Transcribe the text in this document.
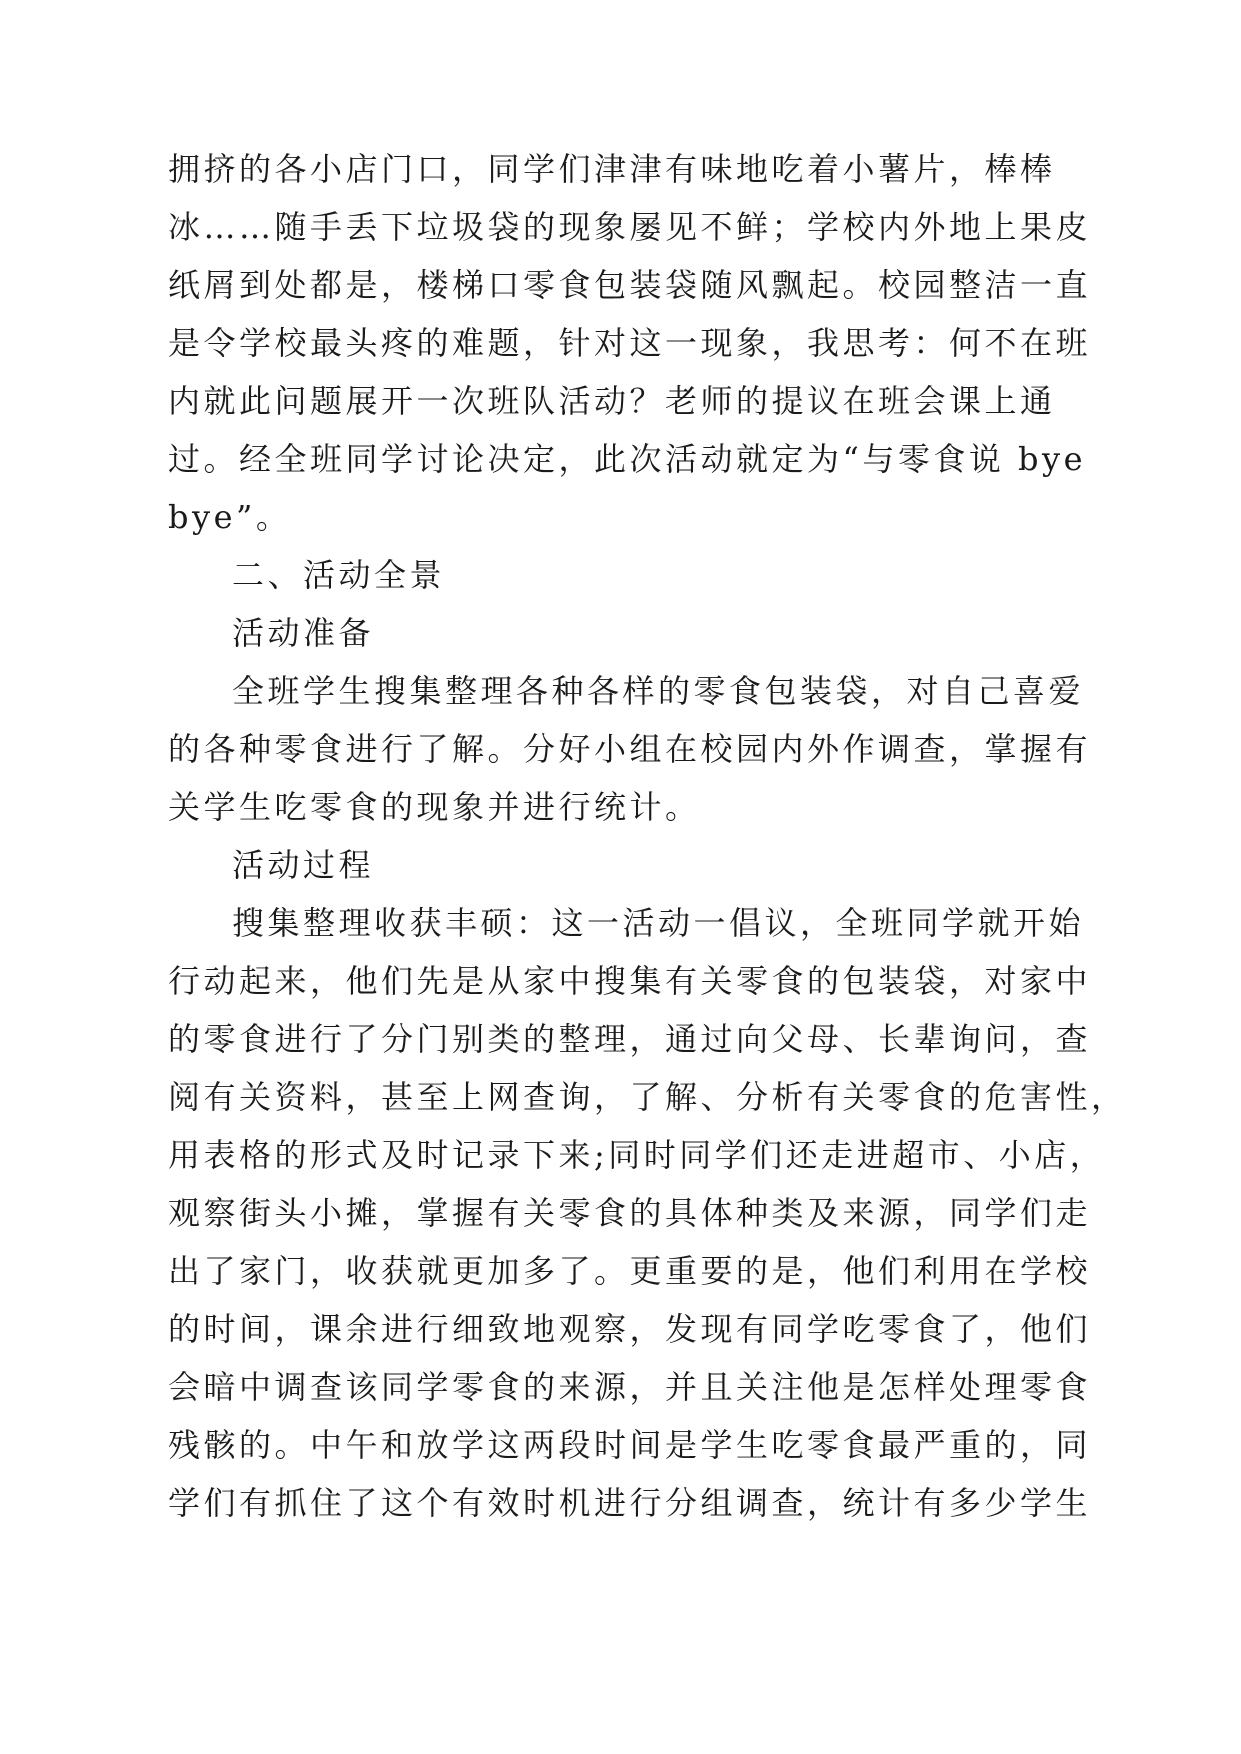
拥挤的各小店门口，同学们津津有味地吃着小薯片，棒棒
冰……随手丢下垃圾袋的现象屡见不鲜；学校内外地上果皮
纸屑到处都是，楼梯口零食包装袋随风飘起。校园整洁一直
是令学校最头疼的难题，针对这一现象，我思考：何不在班
内就此问题展开一次班队活动？老师的提议在班会课上通
过。经全班同学讨论决定，此次活动就定为“与零食说 bye
bye”。
二、活动全景
活动准备
全班学生搜集整理各种各样的零食包装袋，对自己喜爱
的各种零食进行了解。分好小组在校园内外作调查，掌握有
关学生吃零食的现象并进行统计。
活动过程
搜集整理收获丰硕：这一活动一倡议，全班同学就开始
行动起来，他们先是从家中搜集有关零食的包装袋，对家中
的零食进行了分门别类的整理，通过向父母、长辈询问，查
阅有关资料，甚至上网查询，了解、分析有关零食的危害性，
用表格的形式及时记录下来;同时同学们还走进超市、小店，
观察街头小摊，掌握有关零食的具体种类及来源，同学们走
出了家门，收获就更加多了。更重要的是，他们利用在学校
的时间，课余进行细致地观察，发现有同学吃零食了，他们
会暗中调查该同学零食的来源，并且关注他是怎样处理零食
残骸的。中午和放学这两段时间是学生吃零食最严重的，同
学们有抓住了这个有效时机进行分组调查，统计有多少学生
